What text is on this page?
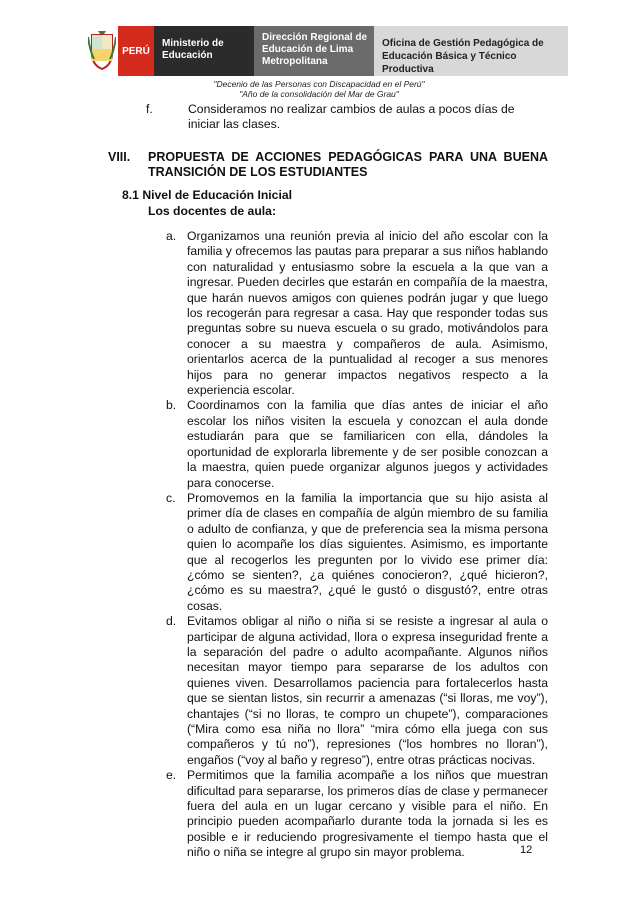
PERÚ
Ministerio de Educación
Dirección Regional de Educación de Lima Metropolitana
Oficina de Gestión Pedagógica de Educación Básica y Técnico Productiva
"Decenio de las Personas con Discapacidad en el Perú"
"Año de la consolidación del Mar de Grau"
f.	Consideramos no realizar cambios de aulas a pocos días de iniciar las clases.
VIII. PROPUESTA DE ACCIONES PEDAGÓGICAS PARA UNA BUENA TRANSICIÓN DE LOS ESTUDIANTES
8.1 Nivel de Educación Inicial
Los docentes de aula:
a. Organizamos una reunión previa al inicio del año escolar con la familia y ofrecemos las pautas para preparar a sus niños hablando con naturalidad y entusiasmo sobre la escuela a la que van a ingresar. Pueden decirles que estarán en compañía de la maestra, que harán nuevos amigos con quienes podrán jugar y que luego los recogerán para regresar a casa. Hay que responder todas sus preguntas sobre su nueva escuela o su grado, motivándolos para conocer a su maestra y compañeros de aula. Asimismo, orientarlos acerca de la puntualidad al recoger a sus menores hijos para no generar impactos negativos respecto a la experiencia escolar.
b. Coordinamos con la familia que días antes de iniciar el año escolar los niños visiten la escuela y conozcan el aula donde estudiarán para que se familiaricen con ella, dándoles la oportunidad de explorarla libremente y de ser posible conozcan a la maestra, quien puede organizar algunos juegos y actividades para conocerse.
c. Promovemos en la familia la importancia que su hijo asista al primer día de clases en compañía de algún miembro de su familia o adulto de confianza, y que de preferencia sea la misma persona quien lo acompañe los días siguientes. Asimismo, es importante que al recogerlos les pregunten por lo vivido ese primer día: ¿cómo se sienten?, ¿a quiénes conocieron?, ¿qué hicieron?, ¿cómo es su maestra?, ¿qué le gustó o disgustó?, entre otras cosas.
d. Evitamos obligar al niño o niña si se resiste a ingresar al aula o participar de alguna actividad, llora o expresa inseguridad frente a la separación del padre o adulto acompañante. Algunos niños necesitan mayor tiempo para separarse de los adultos con quienes viven. Desarrollamos paciencia para fortalecerlos hasta que se sientan listos, sin recurrir a amenazas (“si lloras, me voy”), chantajes (“si no lloras, te compro un chupete”), comparaciones (“Mira como esa niña no llora” “mira cómo ella juega con sus compañeros y tú no”), represiones (“los hombres no lloran”), engaños (“voy al baño y regreso”), entre otras prácticas nocivas.
e. Permitimos que la familia acompañe a los niños que muestran dificultad para separarse, los primeros días de clase y permanecer fuera del aula en un lugar cercano y visible para el niño. En principio pueden acompañarlo durante toda la jornada si les es posible e ir reduciendo progresivamente el tiempo hasta que el niño o niña se integre al grupo sin mayor problema.	12
